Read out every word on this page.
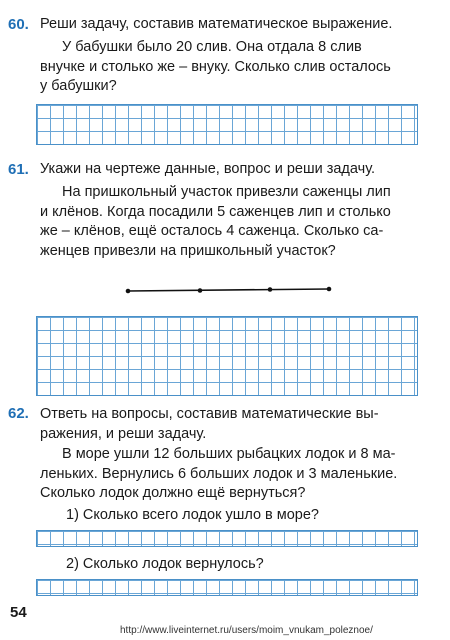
60. Реши задачу, составив математическое выражение.
У бабушки было 20 слив. Она отдала 8 слив
внучке и столько же – внуку. Сколько слив осталось
у бабушки?
61. Укажи на чертеже данные, вопрос и реши задачу.
На пришкольный участок привезли саженцы лип
и клёнов. Когда посадили 5 саженцев лип и столько
же – клёнов, ещё осталось 4 саженца. Сколько са-
женцев привезли на пришкольный участок?
62. Ответь на вопросы, составив математические вы-
ражения, и реши задачу.
В море ушли 12 больших рыбацких лодок и 8 ма-
леньких. Вернулись 6 больших лодок и 3 маленькие.
Сколько лодок должно ещё вернуться?
1) Сколько всего лодок ушло в море?
2) Сколько лодок вернулось?
54
http://www.liveinternet.ru/users/moim_vnukam_poleznoe/
